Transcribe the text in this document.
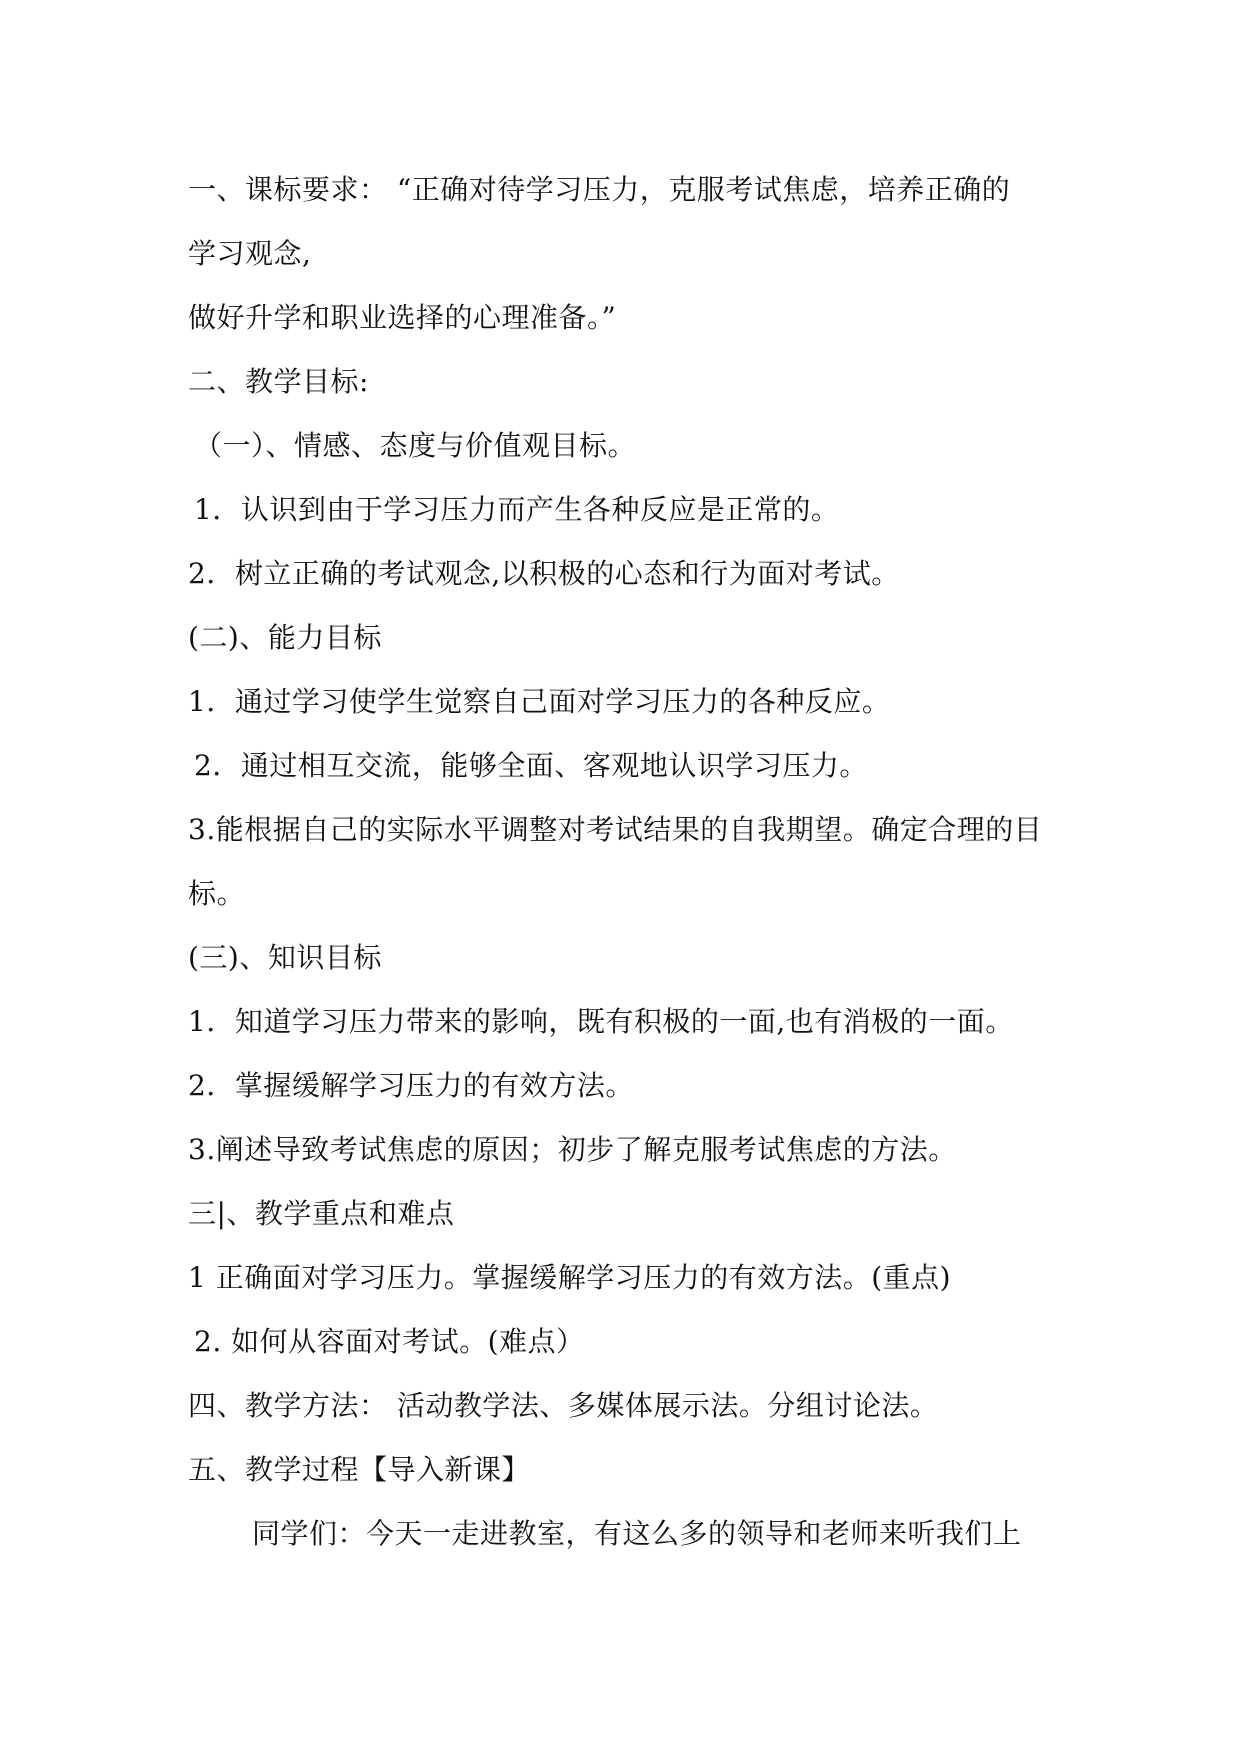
一、课标要求： “正确对待学习压力，克服考试焦虑，培养正确的
学习观念,
做好升学和职业选择的心理准备。”
二、教学目标:
（一）、情感、态度与价值观目标。
1．认识到由于学习压力而产生各种反应是正常的。
2．树立正确的考试观念,以积极的心态和行为面对考试。
(二)、能力目标
1．通过学习使学生觉察自己面对学习压力的各种反应。
2．通过相互交流，能够全面、客观地认识学习压力。
3.能根据自己的实际水平调整对考试结果的自我期望。确定合理的目
标。
(三)、知识目标
1．知道学习压力带来的影响，既有积极的一面,也有消极的一面。
2．掌握缓解学习压力的有效方法。
3.阐述导致考试焦虑的原因；初步了解克服考试焦虑的方法。
三|、教学重点和难点
1 正确面对学习压力。掌握缓解学习压力的有效方法。(重点)
2. 如何从容面对考试。(难点）
四、教学方法： 活动教学法、多媒体展示法。分组讨论法。
五、教学过程【导入新课】
同学们：今天一走进教室，有这么多的领导和老师来听我们上
